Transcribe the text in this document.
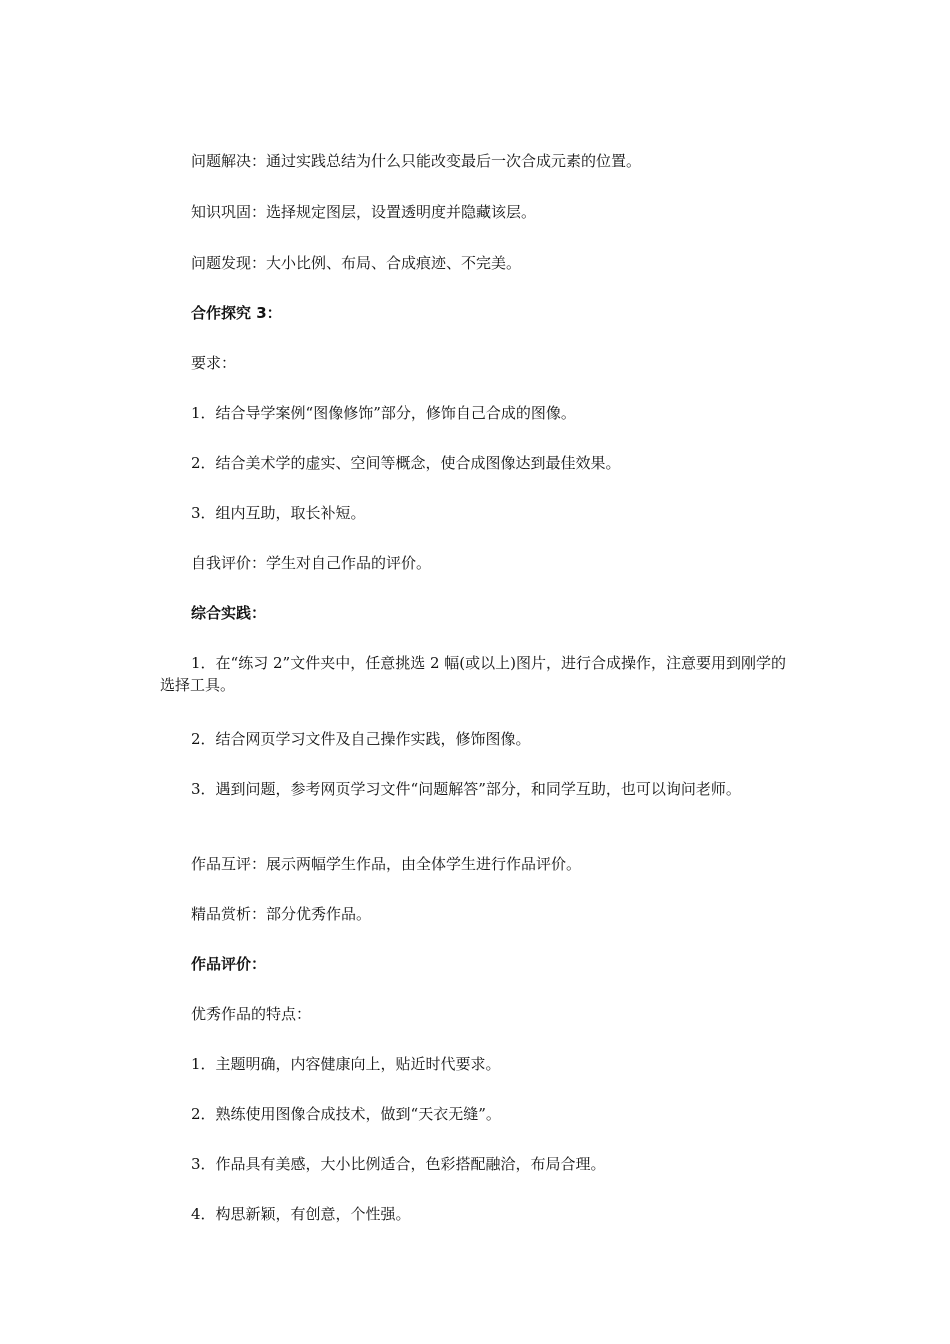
问题解决：通过实践总结为什么只能改变最后一次合成元素的位置。

知识巩固：选择规定图层，设置透明度并隐藏该层。

问题发现：大小比例、布局、合成痕迹、不完美。

合作探究 3：

要求：

1．结合导学案例“图像修饰”部分，修饰自己合成的图像。

2．结合美术学的虚实、空间等概念，使合成图像达到最佳效果。

3．组内互助，取长补短。

自我评价：学生对自己作品的评价。

综合实践：

1．在“练习 2”文件夹中，任意挑选 2 幅(或以上)图片，进行合成操作，注意要用到刚学的选择工具。

2．结合网页学习文件及自己操作实践，修饰图像。

3．遇到问题，参考网页学习文件“问题解答”部分，和同学互助，也可以询问老师。

作品互评：展示两幅学生作品，由全体学生进行作品评价。

精品赏析：部分优秀作品。

作品评价：

优秀作品的特点：

1．主题明确，内容健康向上，贴近时代要求。

2．熟练使用图像合成技术，做到“天衣无缝”。

3．作品具有美感，大小比例适合，色彩搭配融洽，布局合理。

4．构思新颖，有创意，个性强。
